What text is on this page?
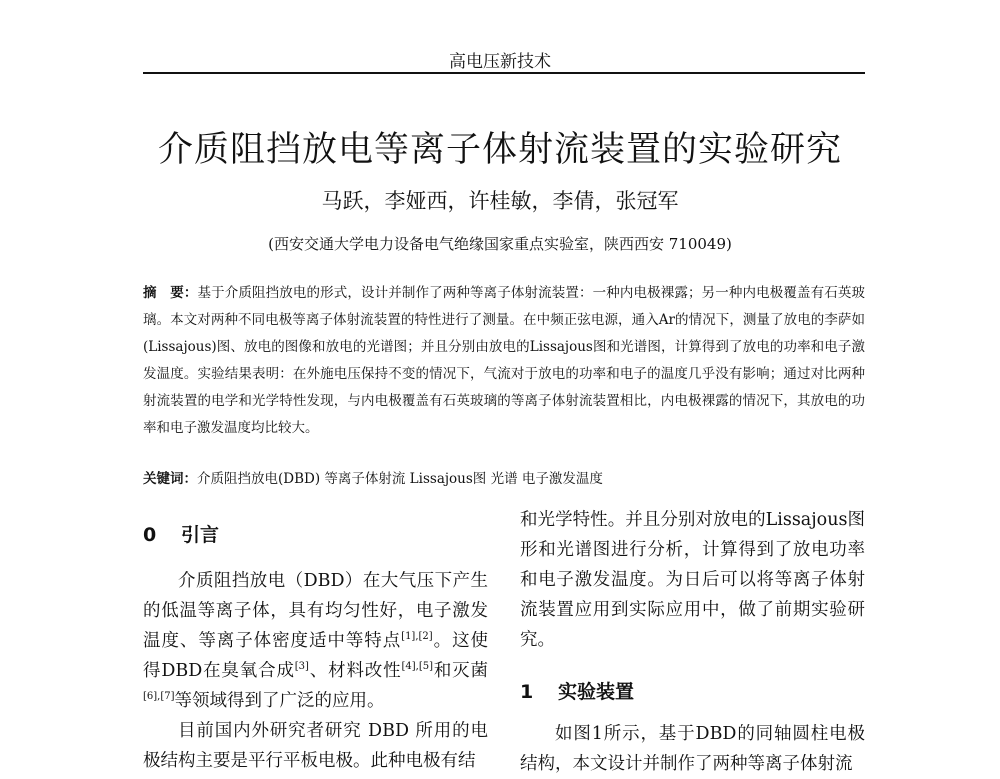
高电压新技术
介质阻挡放电等离子体射流装置的实验研究
马跃，李娅西，许桂敏，李倩，张冠军
(西安交通大学电力设备电气绝缘国家重点实验室，陕西西安 710049)
摘　要：基于介质阻挡放电的形式，设计并制作了两种等离子体射流装置：一种内电极裸露；另一种内电极覆盖有石英玻璃。本文对两种不同电极等离子体射流装置的特性进行了测量。在中频正弦电源，通入Ar的情况下，测量了放电的李萨如(Lissajous)图、放电的图像和放电的光谱图；并且分别由放电的Lissajous图和光谱图，计算得到了放电的功率和电子激发温度。实验结果表明：在外施电压保持不变的情况下，气流对于放电的功率和电子的温度几乎没有影响；通过对比两种射流装置的电学和光学特性发现，与内电极覆盖有石英玻璃的等离子体射流装置相比，内电极裸露的情况下，其放电的功率和电子激发温度均比较大。
关键词：介质阻挡放电(DBD) 等离子体射流 Lissajous图 光谱 电子激发温度
0 引言

介质阻挡放电（DBD）在大气压下产生的低温等离子体，具有均匀性好，电子激发温度、等离子体密度适中等特点[1],[2]。这使得DBD在臭氧合成[3]、材料改性[4],[5]和灭菌[6],[7]等领域得到了广泛的应用。

目前国内外研究者研究 DBD 所用的电极结构主要是平行平板电极。此种电极有结

和光学特性。并且分别对放电的Lissajous图形和光谱图进行分析，计算得到了放电功率和电子激发温度。为日后可以将等离子体射流装置应用到实际应用中，做了前期实验研究。

1 实验装置

如图1所示，基于DBD的同轴圆柱电极结构，本文设计并制作了两种等离子体射流
